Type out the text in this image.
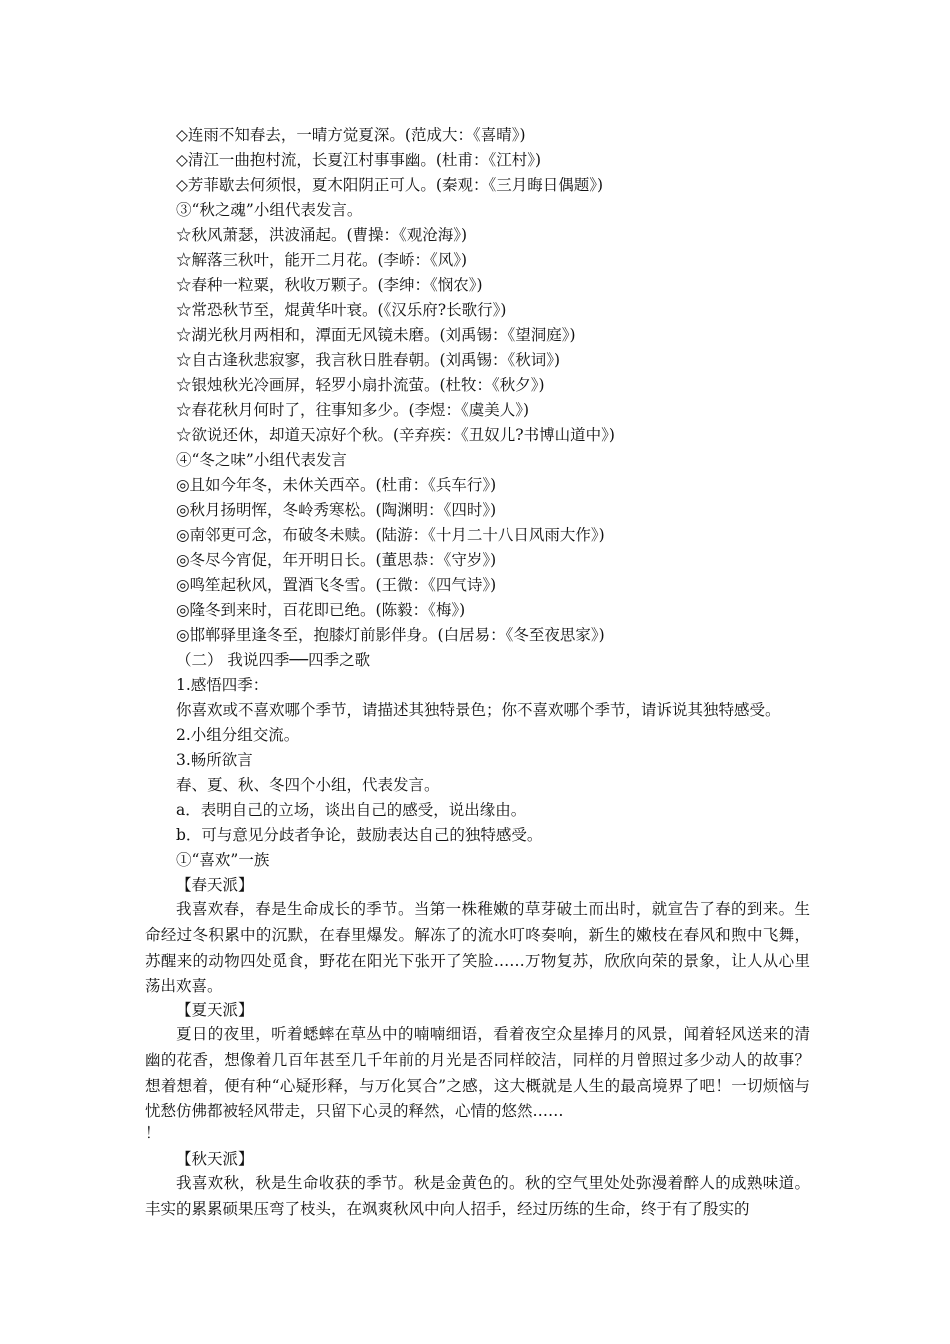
◇连雨不知春去，一晴方觉夏深。(范成大：《喜晴》)
◇清江一曲抱村流，长夏江村事事幽。(杜甫：《江村》)
◇芳菲歇去何须恨，夏木阳阴正可人。(秦观：《三月晦日偶题》)
③“秋之魂”小组代表发言。
☆秋风萧瑟，洪波涌起。(曹操：《观沧海》)
☆解落三秋叶，能开二月花。(李峤：《风》)
☆春种一粒粟，秋收万颗子。(李绅：《悯农》)
☆常恐秋节至，焜黄华叶衰。(《汉乐府?长歌行》)
☆湖光秋月两相和，潭面无风镜未磨。(刘禹锡：《望洞庭》)
☆自古逢秋悲寂寥，我言秋日胜春朝。(刘禹锡：《秋词》)
☆银烛秋光冷画屏，轻罗小扇扑流萤。(杜牧：《秋夕》)
☆春花秋月何时了，往事知多少。(李煜：《虞美人》)
☆欲说还休，却道天凉好个秋。(辛弃疾：《丑奴儿?书博山道中》)
④“冬之味”小组代表发言
◎且如今年冬，未休关西卒。(杜甫：《兵车行》)
◎秋月扬明恽，冬岭秀寒松。(陶渊明：《四时》)
◎南邻更可念，布破冬未赎。(陆游：《十月二十八日风雨大作》)
◎冬尽今宵促，年开明日长。(董思恭：《守岁》)
◎鸣笙起秋风，置酒飞冬雪。(王微：《四气诗》)
◎隆冬到来时，百花即已绝。(陈毅：《梅》)
◎邯郸驿里逢冬至，抱膝灯前影伴身。(白居易：《冬至夜思家》)
（二） 我说四季──四季之歌
1.感悟四季：
你喜欢或不喜欢哪个季节，请描述其独特景色；你不喜欢哪个季节，请诉说其独特感受。
2.小组分组交流。
3.畅所欲言
春、夏、秋、冬四个小组，代表发言。
a．表明自己的立场，谈出自己的感受，说出缘由。
b．可与意见分歧者争论，鼓励表达自己的独特感受。
①“喜欢”一族
【春天派】
我喜欢春，春是生命成长的季节。当第一株稚嫩的草芽破土而出时，就宣告了春的到来。生命经过冬积累中的沉默，在春里爆发。解冻了的流水叮咚奏响，新生的嫩枝在春风和煦中飞舞，苏醒来的动物四处觅食，野花在阳光下张开了笑脸……万物复苏，欣欣向荣的景象，让人从心里荡出欢喜。
【夏天派】
夏日的夜里，听着蟋蟀在草丛中的喃喃细语，看着夜空众星捧月的风景，闻着轻风送来的清幽的花香，想像着几百年甚至几千年前的月光是否同样皎洁，同样的月曾照过多少动人的故事？想着想着，便有种“心疑形释，与万化冥合”之感，这大概就是人生的最高境界了吧！一切烦恼与忧愁仿佛都被轻风带走，只留下心灵的释然，心情的悠然……
！
【秋天派】
我喜欢秋，秋是生命收获的季节。秋是金黄色的。秋的空气里处处弥漫着醉人的成熟味道。丰实的累累硕果压弯了枝头，在飒爽秋风中向人招手，经过历练的生命，终于有了殷实的
